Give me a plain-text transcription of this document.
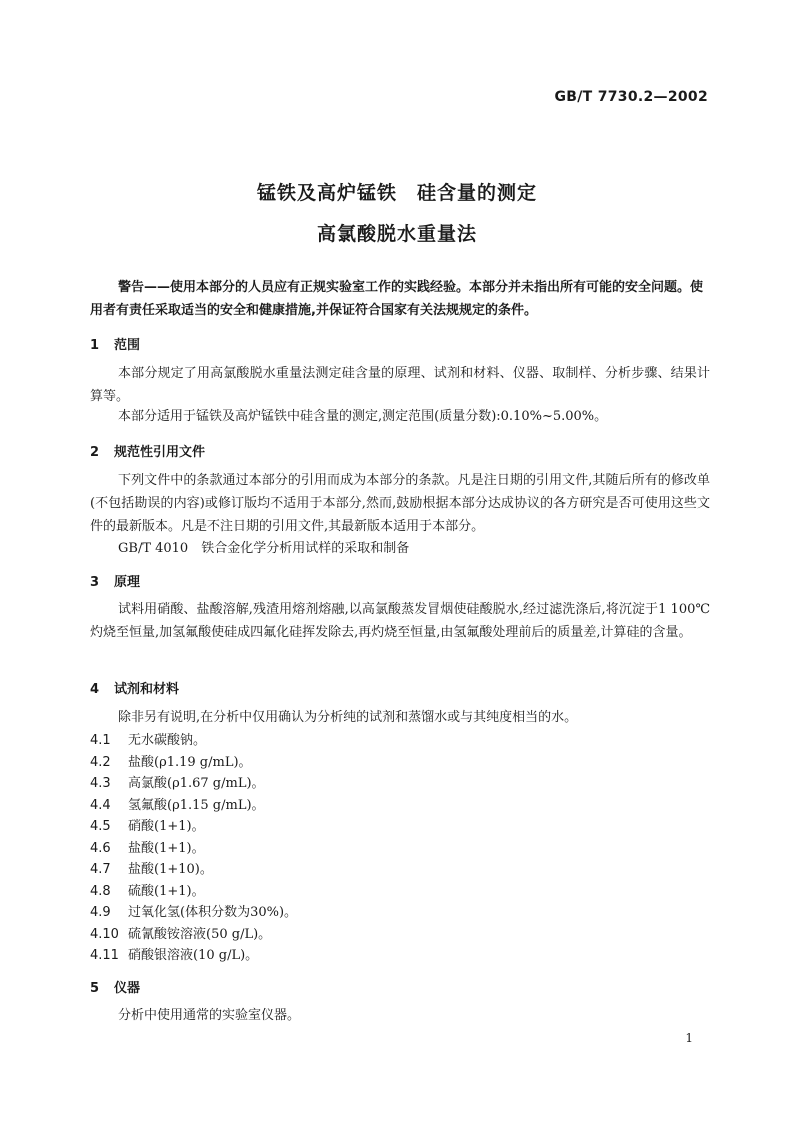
GB/T 7730.2—2002
锰铁及高炉锰铁　硅含量的测定
高氯酸脱水重量法

警告——使用本部分的人员应有正规实验室工作的实践经验。本部分并未指出所有可能的安全问题。使用者有责任采取适当的安全和健康措施,并保证符合国家有关法规规定的条件。

1 范围

本部分规定了用高氯酸脱水重量法测定硅含量的原理、试剂和材料、仪器、取制样、分析步骤、结果计算等。

本部分适用于锰铁及高炉锰铁中硅含量的测定,测定范围(质量分数):0.10%~5.00%。

2 规范性引用文件

下列文件中的条款通过本部分的引用而成为本部分的条款。凡是注日期的引用文件,其随后所有的修改单(不包括勘误的内容)或修订版均不适用于本部分,然而,鼓励根据本部分达成协议的各方研究是否可使用这些文件的最新版本。凡是不注日期的引用文件,其最新版本适用于本部分。

GB/T 4010　铁合金化学分析用试样的采取和制备
3 原理

试料用硝酸、盐酸溶解,残渣用熔剂熔融,以高氯酸蒸发冒烟使硅酸脱水,经过滤洗涤后,将沉淀于1 100℃灼烧至恒量,加氢氟酸使硅成四氟化硅挥发除去,再灼烧至恒量,由氢氟酸处理前后的质量差,计算硅的含量。

4 试剂和材料

除非另有说明,在分析中仅用确认为分析纯的试剂和蒸馏水或与其纯度相当的水。

4.1 无水碳酸钠。
4.2 盐酸(ρ1.19 g/mL)。
4.3 高氯酸(ρ1.67 g/mL)。
4.4 氢氟酸(ρ1.15 g/mL)。
4.5 硝酸(1+1)。
4.6 盐酸(1+1)。
4.7 盐酸(1+10)。
4.8 硫酸(1+1)。
4.9 过氧化氢(体积分数为30%)。
4.10 硫氰酸铵溶液(50 g/L)。
4.11 硝酸银溶液(10 g/L)。
5 仪器

分析中使用通常的实验室仪器。

1
